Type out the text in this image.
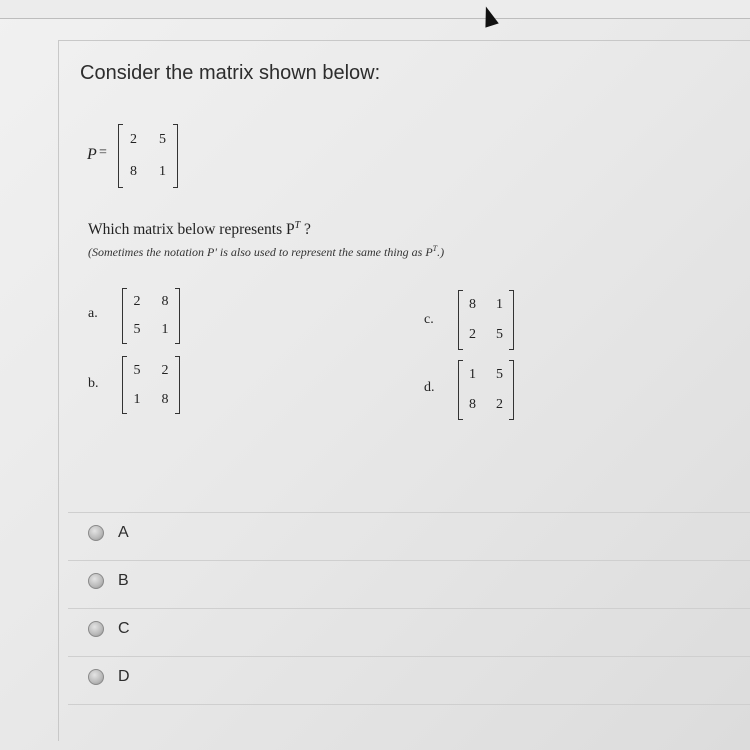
Consider the matrix shown below:
P =
2	5
8	1
Which matrix below represents $P^T$ ?
(Sometimes the notation P' is also used to represent the same thing as $P^T$.)
a.
2	8
5	1
b.
5	2
1	8
c.
8	1
2	5
d.
1	5
8	2
A
B
C
D
